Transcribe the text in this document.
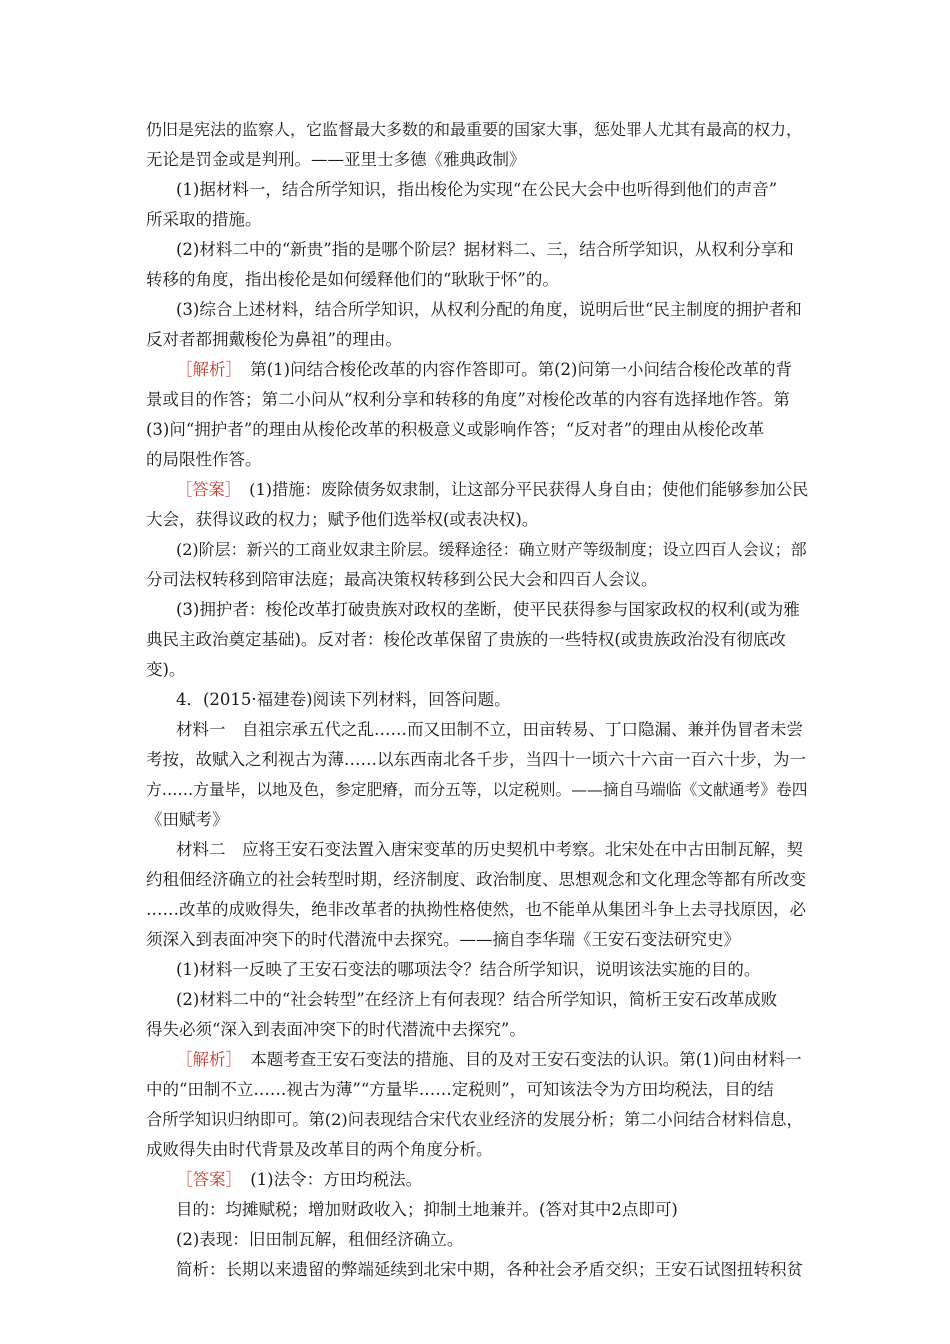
仍旧是宪法的监察人，它监督最大多数的和最重要的国家大事，惩处罪人尤其有最高的权力，
无论是罚金或是判刑。——亚里士多德《雅典政制》
(1)据材料一，结合所学知识，指出梭伦为实现“在公民大会中也听得到他们的声音”
所采取的措施。
(2)材料二中的“新贵”指的是哪个阶层？据材料二、三，结合所学知识，从权利分享和
转移的角度，指出梭伦是如何缓释他们的“耿耿于怀”的。
(3)综合上述材料，结合所学知识，从权利分配的角度，说明后世“民主制度的拥护者和
反对者都拥戴梭伦为鼻祖”的理由。
［解析］　 第(1)问结合梭伦改革的内容作答即可。第(2)问第一小问结合梭伦改革的背
景或目的作答；第二小问从“权利分享和转移的角度”对梭伦改革的内容有选择地作答。第
(3)问“拥护者”的理由从梭伦改革的积极意义或影响作答；“反对者”的理由从梭伦改革
的局限性作答。
［答案］　 (1)措施：废除债务奴隶制，让这部分平民获得人身自由；使他们能够参加公民
大会，获得议政的权力；赋予他们选举权(或表决权)。
(2)阶层：新兴的工商业奴隶主阶层。缓释途径：确立财产等级制度；设立四百人会议；部
分司法权转移到陪审法庭；最高决策权转移到公民大会和四百人会议。
(3)拥护者：梭伦改革打破贵族对政权的垄断，使平民获得参与国家政权的权利(或为雅
典民主政治奠定基础)。反对者：梭伦改革保留了贵族的一些特权(或贵族政治没有彻底改
变)。
4．(2015·福建卷)阅读下列材料，回答问题。
材料一　自祖宗承五代之乱……而又田制不立，田亩转易、丁口隐漏、兼并伪冒者未尝
考按，故赋入之利视古为薄……以东西南北各千步，当四十一顷六十六亩一百六十步，为一
方……方量毕，以地及色，参定肥瘠，而分五等，以定税则。——摘自马端临《文献通考》卷四
《田赋考》
材料二　应将王安石变法置入唐宋变革的历史契机中考察。北宋处在中古田制瓦解，契
约租佃经济确立的社会转型时期，经济制度、政治制度、思想观念和文化理念等都有所改变
……改革的成败得失，绝非改革者的执拗性格使然，也不能单从集团斗争上去寻找原因，必
须深入到表面冲突下的时代潜流中去探究。——摘自李华瑞《王安石变法研究史》
(1)材料一反映了王安石变法的哪项法令？结合所学知识，说明该法实施的目的。
(2)材料二中的“社会转型”在经济上有何表现？结合所学知识，简析王安石改革成败
得失必须“深入到表面冲突下的时代潜流中去探究”。
［解析］　 本题考查王安石变法的措施、目的及对王安石变法的认识。第(1)问由材料一
中的“田制不立……视古为薄”“方量毕……定税则”，可知该法令为方田均税法，目的结
合所学知识归纳即可。第(2)问表现结合宋代农业经济的发展分析；第二小问结合材料信息，
成败得失由时代背景及改革目的两个角度分析。
［答案］　 (1)法令：方田均税法。
目的：均摊赋税；增加财政收入；抑制土地兼并。(答对其中2点即可)
(2)表现：旧田制瓦解，租佃经济确立。
简析：长期以来遗留的弊端延续到北宋中期，各种社会矛盾交织；王安石试图扭转积贫
